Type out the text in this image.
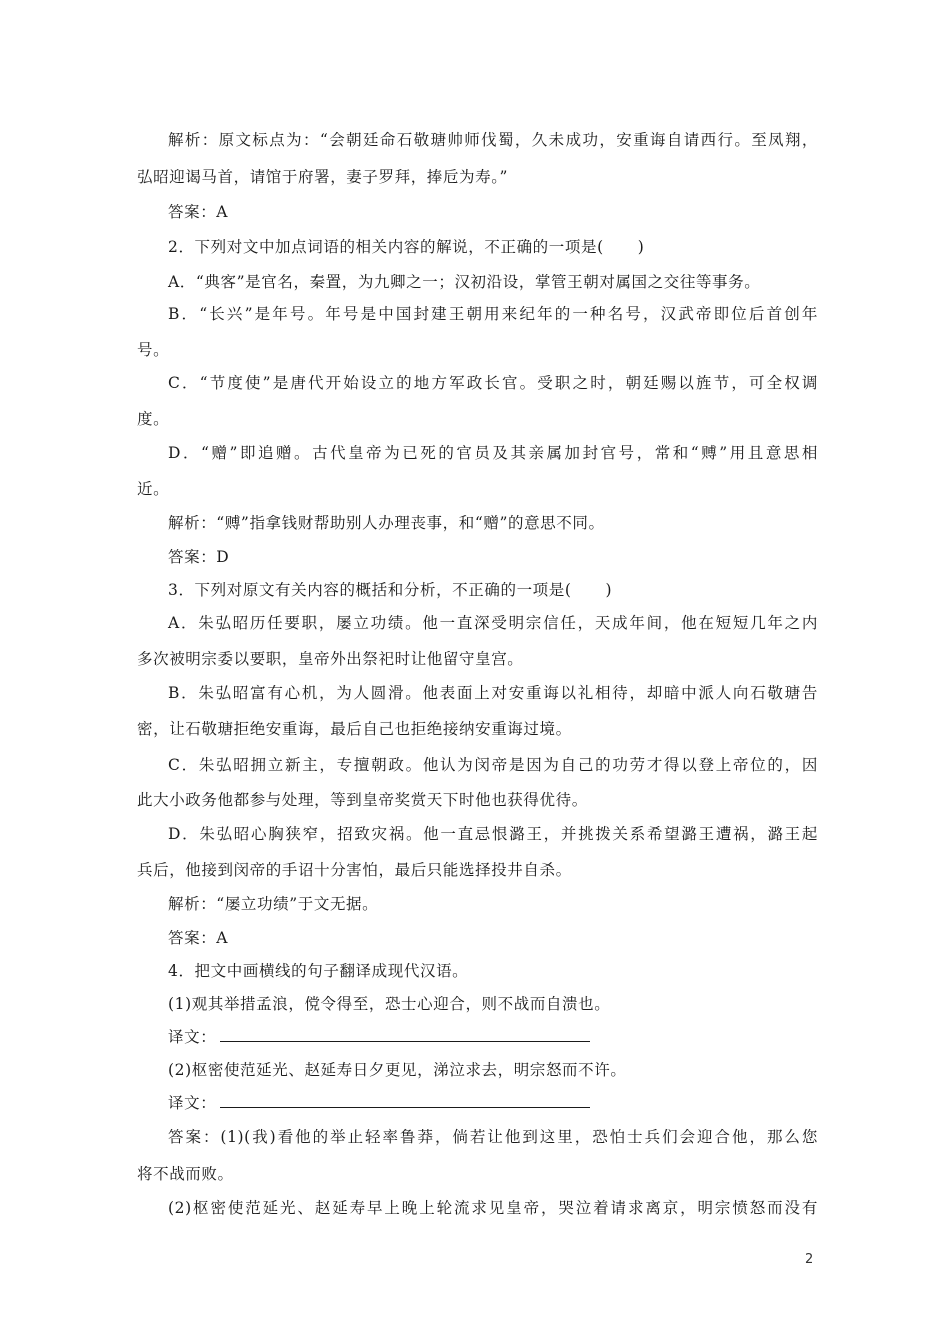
解析：原文标点为：“会朝廷命石敬瑭帅师伐蜀，久未成功，安重诲自请西行。至凤翔，
弘昭迎谒马首，请馆于府署，妻子罗拜，捧卮为寿。”
答案：A
2．下列对文中加点词语的相关内容的解说，不正确的一项是( )
A．“典客”是官名，秦置，为九卿之一；汉初沿设，掌管王朝对属国之交往等事务。
B．“长兴”是年号。年号是中国封建王朝用来纪年的一种名号，汉武帝即位后首创年
号。
C．“节度使”是唐代开始设立的地方军政长官。受职之时，朝廷赐以旌节，可全权调
度。
D．“赠”即追赠。古代皇帝为已死的官员及其亲属加封官号，常和“赙”用且意思相
近。
解析：“赙”指拿钱财帮助别人办理丧事，和“赠”的意思不同。
答案：D
3．下列对原文有关内容的概括和分析，不正确的一项是( )
A．朱弘昭历任要职，屡立功绩。他一直深受明宗信任，天成年间，他在短短几年之内
多次被明宗委以要职，皇帝外出祭祀时让他留守皇宫。
B．朱弘昭富有心机，为人圆滑。他表面上对安重诲以礼相待，却暗中派人向石敬瑭告
密，让石敬瑭拒绝安重诲，最后自己也拒绝接纳安重诲过境。
C．朱弘昭拥立新主，专擅朝政。他认为闵帝是因为自己的功劳才得以登上帝位的，因
此大小政务他都参与处理，等到皇帝奖赏天下时他也获得优待。
D．朱弘昭心胸狭窄，招致灾祸。他一直忌恨潞王，并挑拨关系希望潞王遭祸，潞王起
兵后，他接到闵帝的手诏十分害怕，最后只能选择投井自杀。
解析：“屡立功绩”于文无据。
答案：A
4．把文中画横线的句子翻译成现代汉语。
(1)观其举措孟浪，傥令得至，恐士心迎合，则不战而自溃也。
译文：
(2)枢密使范延光、赵延寿日夕更见，涕泣求去，明宗怒而不许。
译文：
答案：(1)(我)看他的举止轻率鲁莽，倘若让他到这里，恐怕士兵们会迎合他，那么您
将不战而败。
(2)枢密使范延光、赵延寿早上晚上轮流求见皇帝，哭泣着请求离京，明宗愤怒而没有
2
